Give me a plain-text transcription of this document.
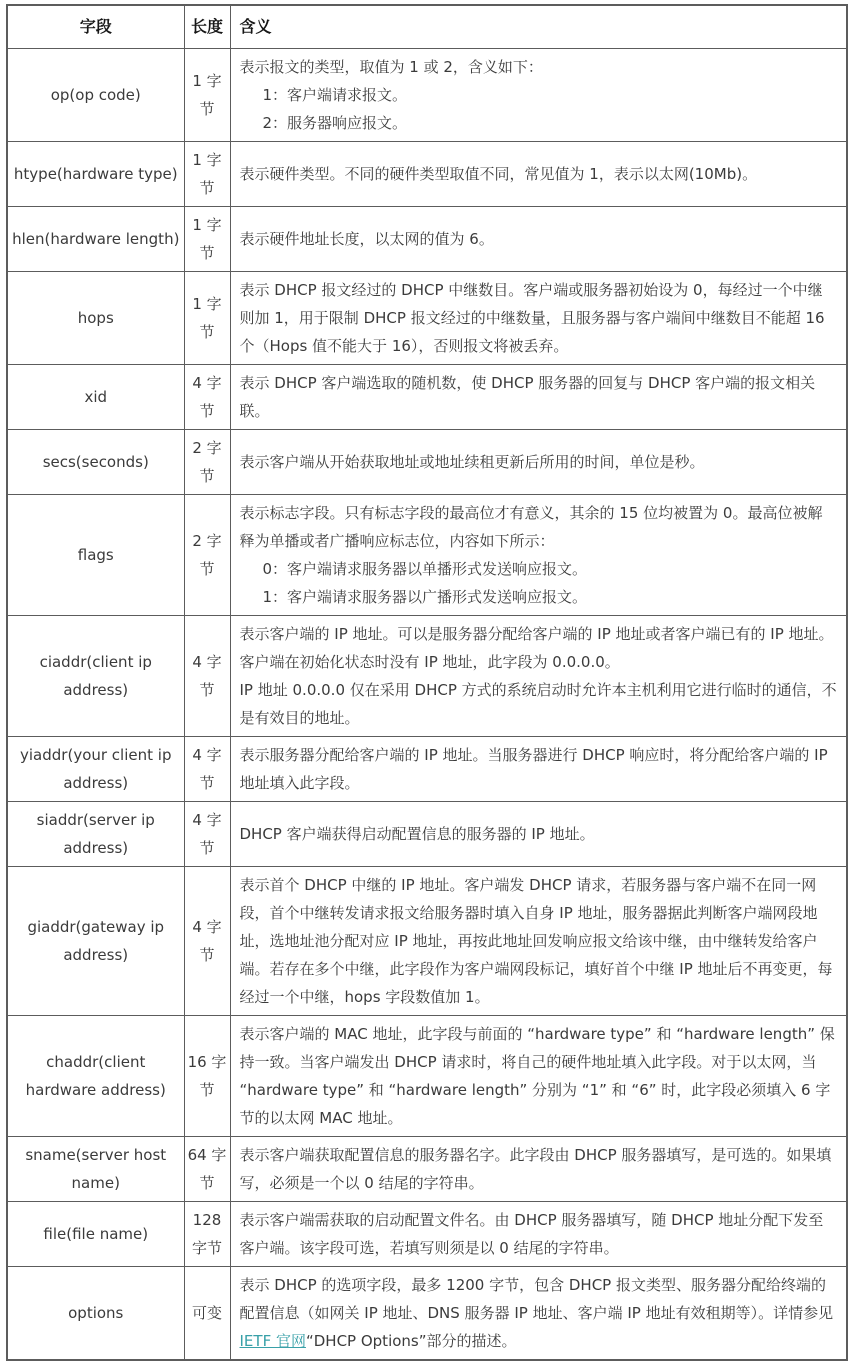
字段	长度	含义
op(op code)	1 字节	表示报文的类型，取值为 1 或 2，含义如下：
1：客户端请求报文。
2：服务器响应报文。

htype(hardware type)	1 字节	表示硬件类型。不同的硬件类型取值不同，常见值为 1，表示以太网(10Mb)。

hlen(hardware length)	1 字节	表示硬件地址长度，以太网的值为 6。

hops	1 字节	表示 DHCP 报文经过的 DHCP 中继数目。客户端或服务器初始设为 0，每经过一个中继则加 1，用于限制 DHCP 报文经过的中继数量，且服务器与客户端间中继数目不能超 16 个（Hops 值不能大于 16），否则报文将被丢弃。

xid	4 字节	表示 DHCP 客户端选取的随机数，使 DHCP 服务器的回复与 DHCP 客户端的报文相关联。

secs(seconds)	2 字节	表示客户端从开始获取地址或地址续租更新后所用的时间，单位是秒。

flags	2 字节	表示标志字段。只有标志字段的最高位才有意义，其余的 15 位均被置为 0。最高位被解释为单播或者广播响应标志位，内容如下所示：
0：客户端请求服务器以单播形式发送响应报文。
1：客户端请求服务器以广播形式发送响应报文。

ciaddr(client ip address)	4 字节	表示客户端的 IP 地址。可以是服务器分配给客户端的 IP 地址或者客户端已有的 IP 地址。客户端在初始化状态时没有 IP 地址，此字段为 0.0.0.0。
IP 地址 0.0.0.0 仅在采用 DHCP 方式的系统启动时允许本主机利用它进行临时的通信，不是有效目的地址。

yiaddr(your client ip address)	4 字节	表示服务器分配给客户端的 IP 地址。当服务器进行 DHCP 响应时，将分配给客户端的 IP 地址填入此字段。

siaddr(server ip address)	4 字节	DHCP 客户端获得启动配置信息的服务器的 IP 地址。

giaddr(gateway ip address)	4 字节	表示首个 DHCP 中继的 IP 地址。客户端发 DHCP 请求，若服务器与客户端不在同一网段，首个中继转发请求报文给服务器时填入自身 IP 地址，服务器据此判断客户端网段地址，选地址池分配对应 IP 地址，再按此地址回发响应报文给该中继，由中继转发给客户端。若存在多个中继，此字段作为客户端网段标记，填好首个中继 IP 地址后不再变更，每经过一个中继，hops 字段数值加 1。

chaddr(client hardware address)	16 字节	表示客户端的 MAC 地址，此字段与前面的 “hardware type” 和 “hardware length” 保持一致。当客户端发出 DHCP 请求时，将自己的硬件地址填入此字段。对于以太网，当 “hardware type” 和 “hardware length” 分别为 “1” 和 “6” 时，此字段必须填入 6 字节的以太网 MAC 地址。

sname(server host name)	64 字节	表示客户端获取配置信息的服务器名字。此字段由 DHCP 服务器填写，是可选的。如果填写，必须是一个以 0 结尾的字符串。

file(file name)	128 字节	表示客户端需获取的启动配置文件名。由 DHCP 服务器填写，随 DHCP 地址分配下发至客户端。该字段可选，若填写则须是以 0 结尾的字符串。

options	可变	表示 DHCP 的选项字段，最多 1200 字节，包含 DHCP 报文类型、服务器分配给终端的配置信息（如网关 IP 地址、DNS 服务器 IP 地址、客户端 IP 地址有效租期等）。详情参见 IETF 官网“DHCP Options”部分的描述。
